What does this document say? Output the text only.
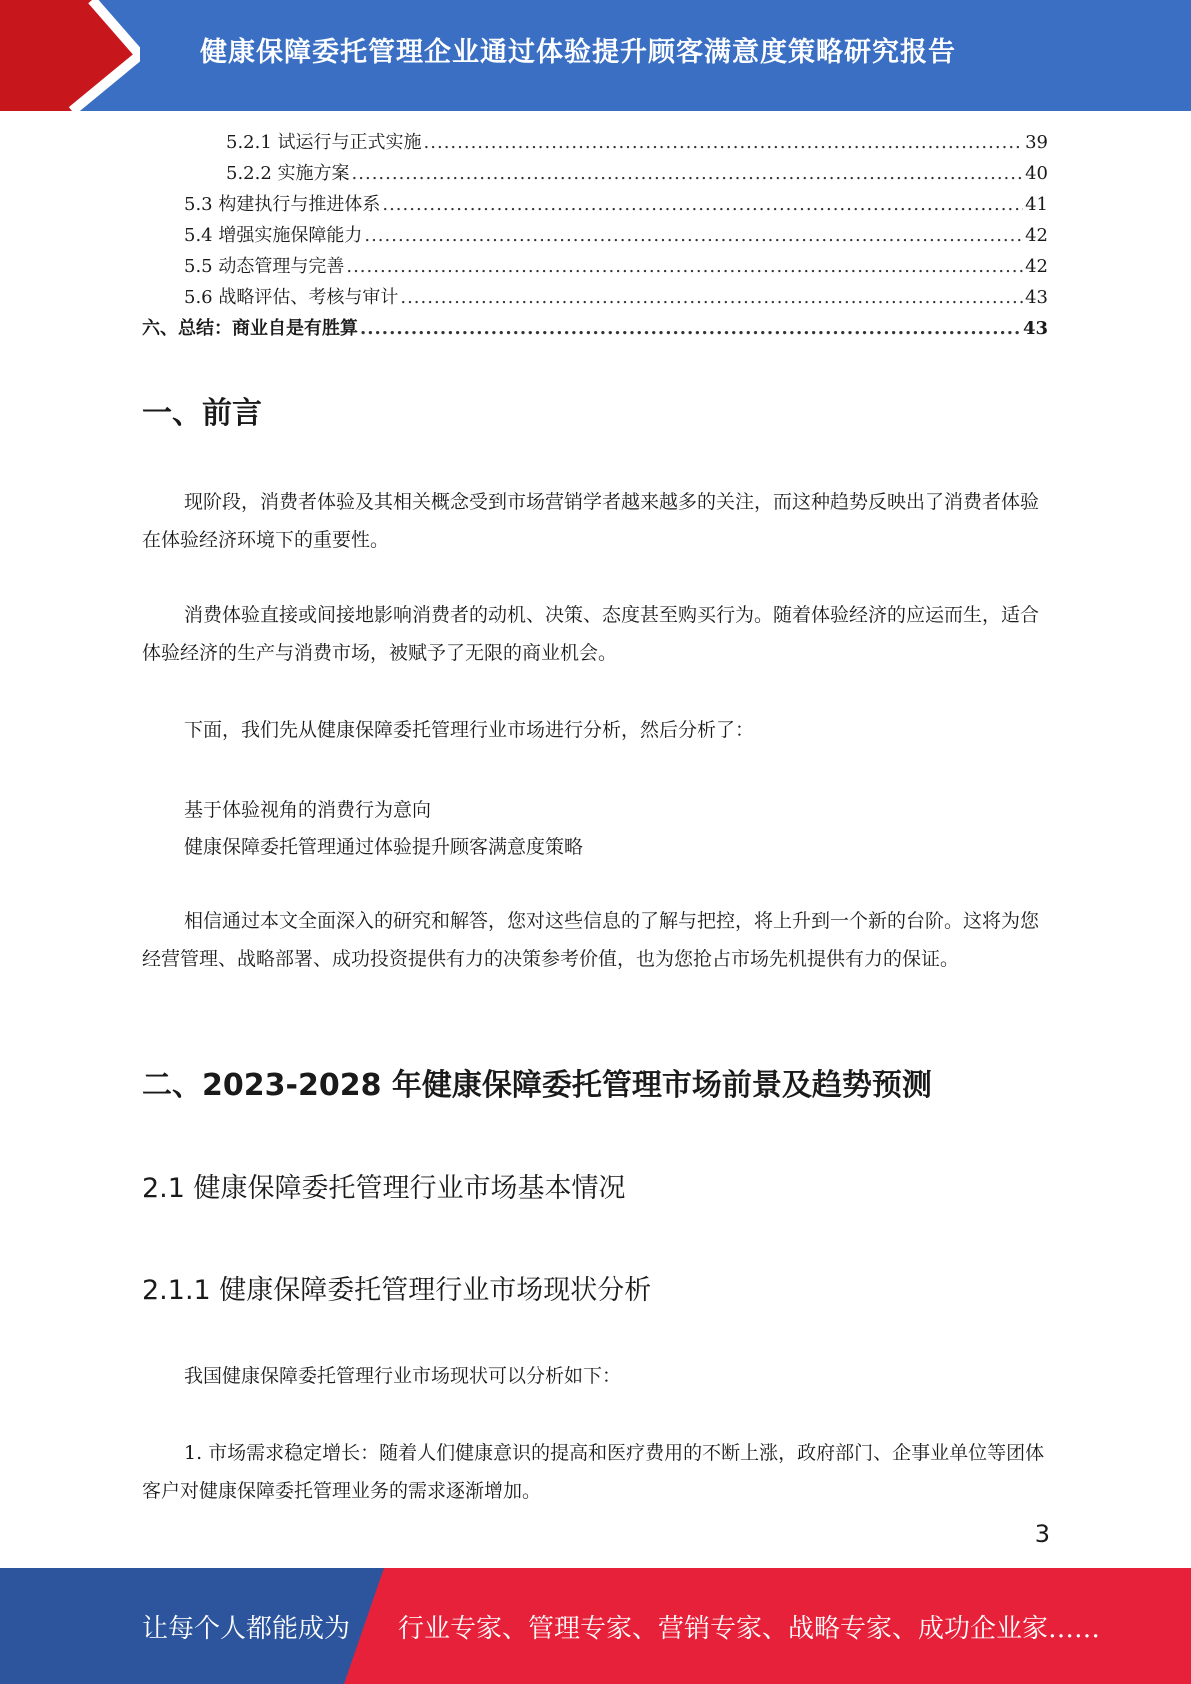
健康保障委托管理企业通过体验提升顾客满意度策略研究报告
5.2.1 试运行与正式实施 .....	39
5.2.2 实施方案 .....	40
5.3 构建执行与推进体系 .....	41
5.4 增强实施保障能力 .....	42
5.5 动态管理与完善 .....	42
5.6 战略评估、考核与审计 .....	43
六、总结：商业自是有胜算 .....	43
一、前言

现阶段，消费者体验及其相关概念受到市场营销学者越来越多的关注，而这种趋势反映出了消费者体验在体验经济环境下的重要性。

消费体验直接或间接地影响消费者的动机、决策、态度甚至购买行为。随着体验经济的应运而生，适合体验经济的生产与消费市场，被赋予了无限的商业机会。

下面，我们先从健康保障委托管理行业市场进行分析，然后分析了：

基于体验视角的消费行为意向
健康保障委托管理通过体验提升顾客满意度策略

相信通过本文全面深入的研究和解答，您对这些信息的了解与把控，将上升到一个新的台阶。这将为您经营管理、战略部署、成功投资提供有力的决策参考价值，也为您抢占市场先机提供有力的保证。

二、2023-2028 年健康保障委托管理市场前景及趋势预测
2.1 健康保障委托管理行业市场基本情况
2.1.1 健康保障委托管理行业市场现状分析

我国健康保障委托管理行业市场现状可以分析如下：

1. 市场需求稳定增长：随着人们健康意识的提高和医疗费用的不断上涨，政府部门、企事业单位等团体客户对健康保障委托管理业务的需求逐渐增加。

3
让每个人都能成为 行业专家、管理专家、营销专家、战略专家、成功企业家……
